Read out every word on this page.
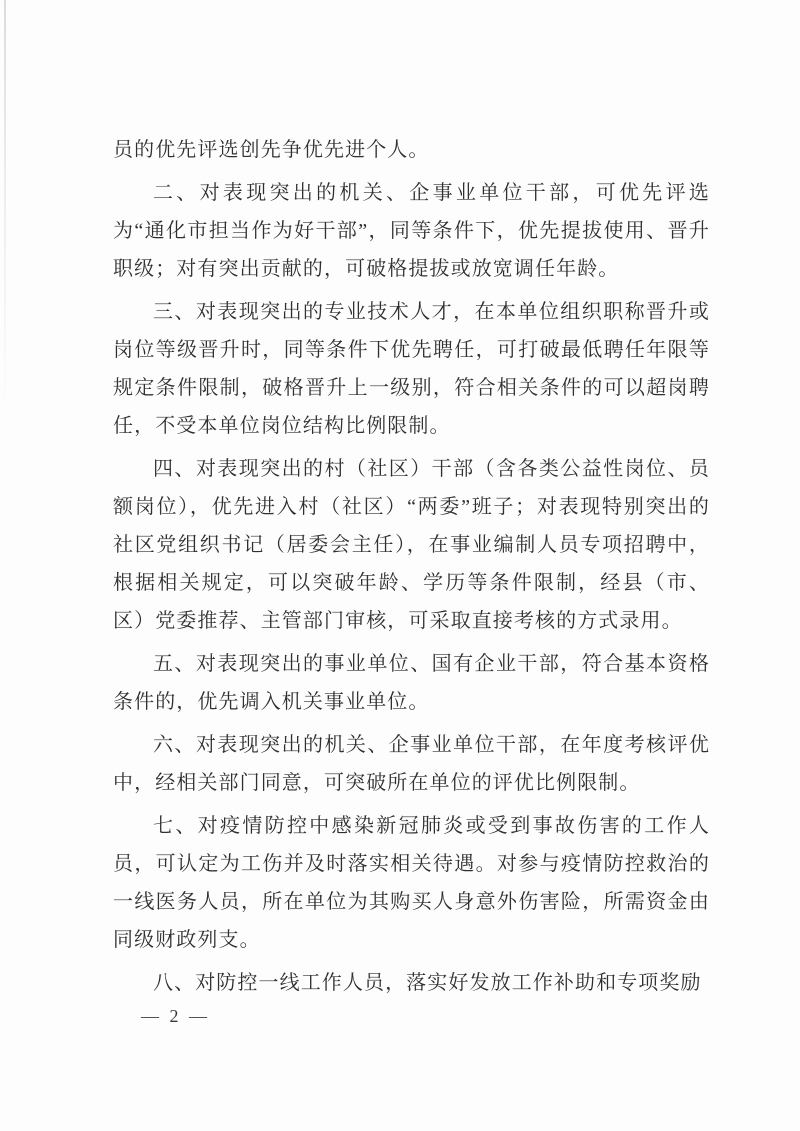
员的优先评选创先争优先进个人。

二、对表现突出的机关、企事业单位干部，可优先评选为“通化市担当作为好干部”，同等条件下，优先提拔使用、晋升职级；对有突出贡献的，可破格提拔或放宽调任年龄。

三、对表现突出的专业技术人才，在本单位组织职称晋升或岗位等级晋升时，同等条件下优先聘任，可打破最低聘任年限等规定条件限制，破格晋升上一级别，符合相关条件的可以超岗聘任，不受本单位岗位结构比例限制。

四、对表现突出的村（社区）干部（含各类公益性岗位、员额岗位），优先进入村（社区）“两委”班子；对表现特别突出的社区党组织书记（居委会主任），在事业编制人员专项招聘中，根据相关规定，可以突破年龄、学历等条件限制，经县（市、区）党委推荐、主管部门审核，可采取直接考核的方式录用。

五、对表现突出的事业单位、国有企业干部，符合基本资格条件的，优先调入机关事业单位。

六、对表现突出的机关、企事业单位干部，在年度考核评优中，经相关部门同意，可突破所在单位的评优比例限制。

七、对疫情防控中感染新冠肺炎或受到事故伤害的工作人员，可认定为工伤并及时落实相关待遇。对参与疫情防控救治的一线医务人员，所在单位为其购买人身意外伤害险，所需资金由同级财政列支。

八、对防控一线工作人员，落实好发放工作补助和专项奖励

— 2 —
